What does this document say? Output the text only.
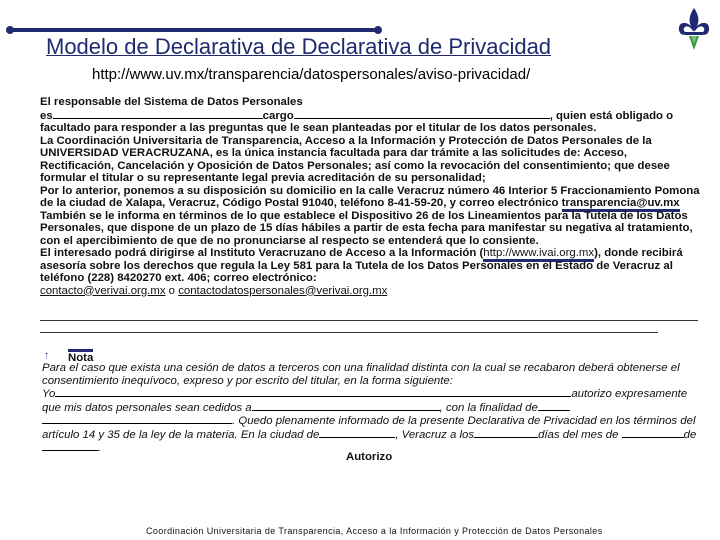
Modelo de Declarativa de Declarativa de Privacidad
http://www.uv.mx/transparencia/datospersonales/aviso-privacidad/

El responsable del Sistema de Datos Personales

es	cargo	, quien está obligado o facultado para responder a las preguntas que le sean planteadas por el titular de los datos personales.

La Coordinación Universitaria de Transparencia, Acceso a la Información y Protección de Datos Personales de la UNIVERSIDAD VERACRUZANA, es la única instancia facultada para dar trámite a las solicitudes de: Acceso, Rectificación, Cancelación y Oposición de Datos Personales; así como la revocación del consentimiento; que desee formular el titular o su representante legal previa acreditación de su personalidad;

Por lo anterior, ponemos a su disposición su domicilio en la calle Veracruz número 46 Interior 5 Fraccionamiento Pomona de la ciudad de Xalapa, Veracruz, Código Postal 91040, teléfono 8-41-59-20, y correo electrónico transparencia@uv.mx

También se le informa en términos de lo que establece el Dispositivo 26 de los Lineamientos para la Tutela de los Datos Personales, que dispone de un plazo de 15 días hábiles a partir de esta fecha para manifestar su negativa al tratamiento, con el apercibimiento de que de no pronunciarse al respecto se entenderá que lo consiente.

El interesado podrá dirigirse al Instituto Veracruzano de Acceso a la Información (http://www.ivai.org.mx), donde recibirá asesoría sobre los derechos que regula la Ley 581 para la Tutela de los Datos Personales en el Estado de Veracruz al teléfono (228) 8420270 ext. 406; correo electrónico:

contacto@verivai.org.mx o contactodatospersonales@verivai.org.mx

↑ Nota

Para el caso que exista una cesión de datos a terceros con una finalidad distinta con la cual se recabaron deberá obtenerse el consentimiento inequívoco, expreso y por escrito del titular, en la forma siguiente:

Yo	autorizo expresamente que mis datos personales sean cedidos a	, con la finalidad de . Quedo plenamente informado de la presente Declarativa de Privacidad en los términos del artículo 14 y 35 de la ley de la materia. En la ciudad de	, Veracruz a los	días del mes de	de.

Autorizo
Coordinación Universitaria de Transparencia, Acceso a la Información y Protección de Datos Personales
